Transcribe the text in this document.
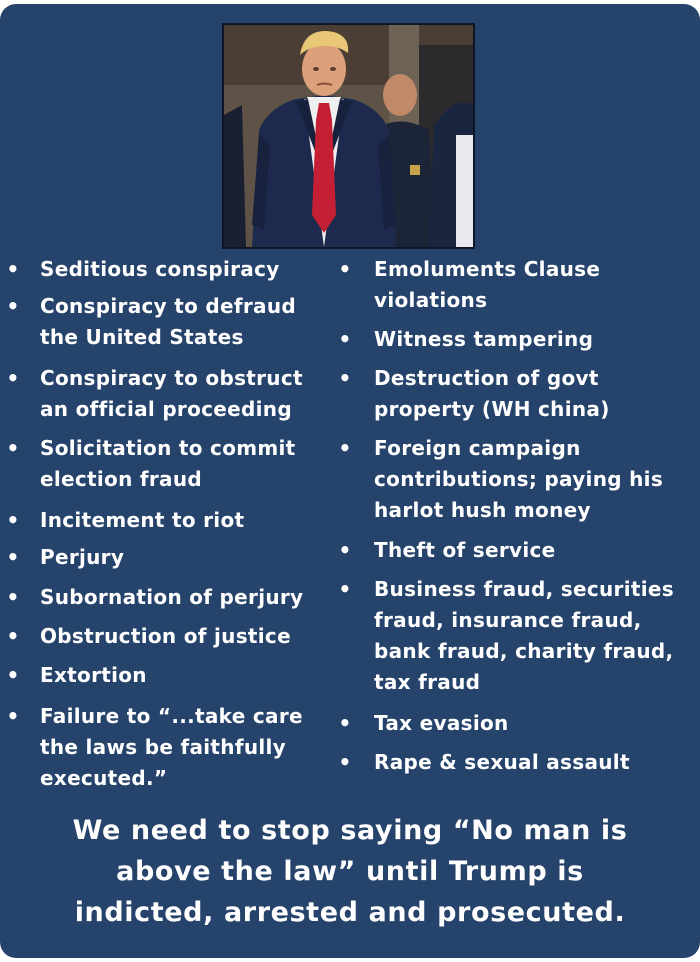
• Seditious conspiracy
• Conspiracy to defraud
the United States
• Conspiracy to obstruct
an official proceeding
• Solicitation to commit
election fraud
• Incitement to riot
• Perjury
• Subornation of perjury
• Obstruction of justice
• Extortion
• Failure to “...take care
the laws be faithfully
executed.”
• Emoluments Clause
violations
• Witness tampering
• Destruction of govt
property (WH china)
• Foreign campaign
contributions; paying his
harlot hush money
• Theft of service
• Business fraud, securities
fraud, insurance fraud,
bank fraud, charity fraud,
tax fraud
• Tax evasion
• Rape & sexual assault
We need to stop saying “No man is
above the law” until Trump is
indicted, arrested and prosecuted.
